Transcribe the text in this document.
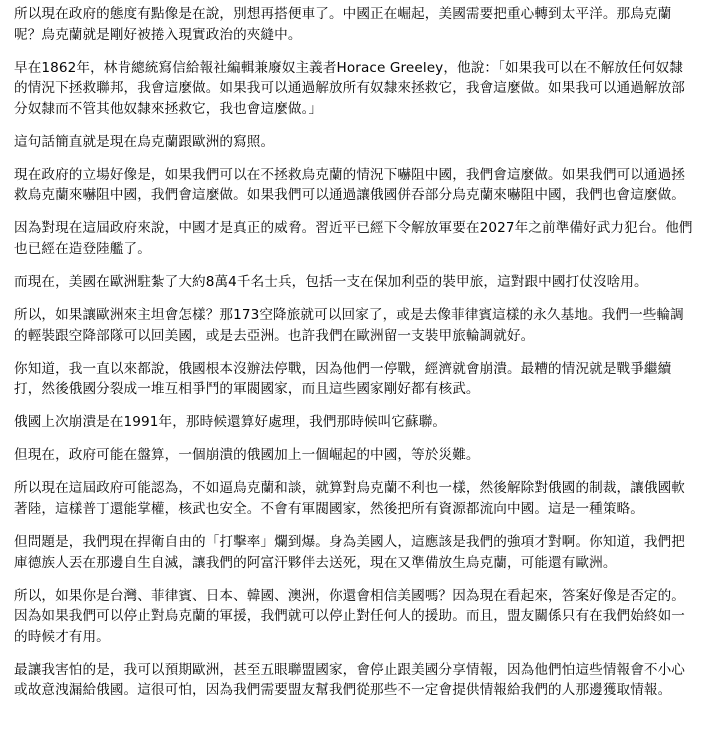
所以現在政府的態度有點像是在說，別想再搭便車了。中國正在崛起，美國需要把重心轉到太平洋。那烏克蘭呢？烏克蘭就是剛好被捲入現實政治的夾縫中。

早在1862年，林肯總統寫信給報社編輯兼廢奴主義者Horace Greeley，他說：「如果我可以在不解放任何奴隸的情況下拯救聯邦，我會這麼做。如果我可以通過解放所有奴隸來拯救它，我會這麼做。如果我可以通過解放部分奴隸而不管其他奴隸來拯救它，我也會這麼做。」

這句話簡直就是現在烏克蘭跟歐洲的寫照。

現在政府的立場好像是，如果我們可以在不拯救烏克蘭的情況下嚇阻中國，我們會這麼做。如果我們可以通過拯救烏克蘭來嚇阻中國，我們會這麼做。如果我們可以通過讓俄國併吞部分烏克蘭來嚇阻中國，我們也會這麼做。

因為對現在這屆政府來說，中國才是真正的威脅。習近平已經下令解放軍要在2027年之前準備好武力犯台。他們也已經在造登陸艦了。

而現在，美國在歐洲駐紮了大約8萬4千名士兵，包括一支在保加利亞的裝甲旅，這對跟中國打仗沒啥用。

所以，如果讓歐洲來主坦會怎樣？那173空降旅就可以回家了，或是去像菲律賓這樣的永久基地。我們一些輪調的輕裝跟空降部隊可以回美國，或是去亞洲。也許我們在歐洲留一支裝甲旅輪調就好。

你知道，我一直以來都說，俄國根本沒辦法停戰，因為他們一停戰，經濟就會崩潰。最糟的情況就是戰爭繼續打，然後俄國分裂成一堆互相爭鬥的軍閥國家，而且這些國家剛好都有核武。

俄國上次崩潰是在1991年，那時候還算好處理，我們那時候叫它蘇聯。

但現在，政府可能在盤算，一個崩潰的俄國加上一個崛起的中國，等於災難。

所以現在這屆政府可能認為，不如逼烏克蘭和談，就算對烏克蘭不利也一樣，然後解除對俄國的制裁，讓俄國軟著陸，這樣普丁還能掌權，核武也安全。不會有軍閥國家，然後把所有資源都流向中國。這是一種策略。

但問題是，我們現在捍衛自由的「打擊率」爛到爆。身為美國人，這應該是我們的強項才對啊。你知道，我們把庫德族人丟在那邊自生自滅，讓我們的阿富汗夥伴去送死，現在又準備放生烏克蘭，可能還有歐洲。

所以，如果你是台灣、菲律賓、日本、韓國、澳洲，你還會相信美國嗎？因為現在看起來，答案好像是否定的。因為如果我們可以停止對烏克蘭的軍援，我們就可以停止對任何人的援助。而且，盟友關係只有在我們始終如一的時候才有用。

最讓我害怕的是，我可以預期歐洲，甚至五眼聯盟國家，會停止跟美國分享情報，因為他們怕這些情報會不小心或故意洩漏給俄國。這很可怕，因為我們需要盟友幫我們從那些不一定會提供情報給我們的人那邊獲取情報。
